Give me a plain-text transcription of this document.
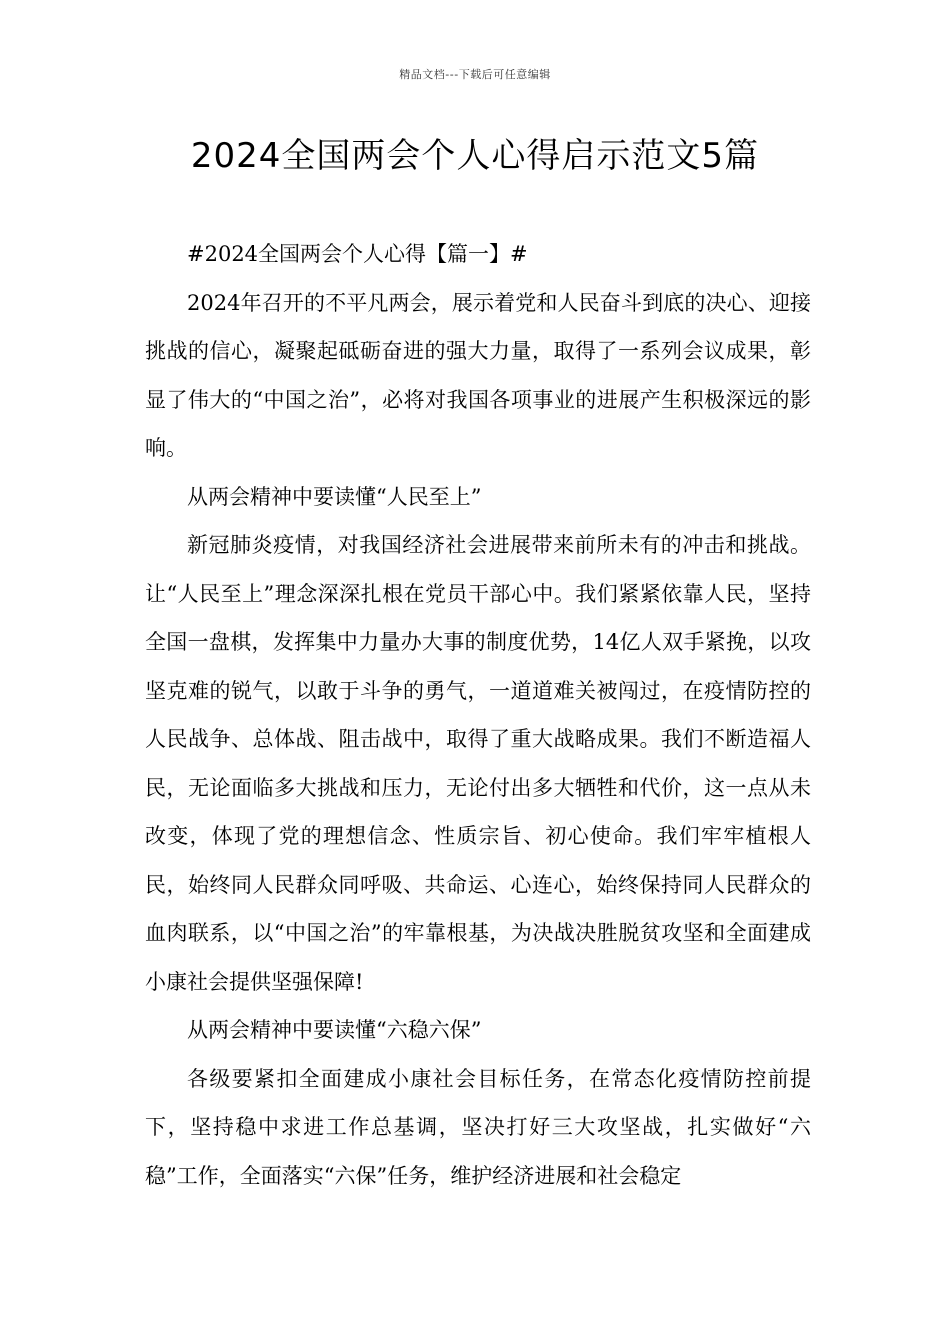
精品文档---下载后可任意编辑
2024全国两会个人心得启示范文5篇

#2024全国两会个人心得【篇一】#

2024年召开的不平凡两会，展示着党和人民奋斗到底的决心、迎接挑战的信心，凝聚起砥砺奋进的强大力量，取得了一系列会议成果，彰显了伟大的“中国之治”，必将对我国各项事业的进展产生积极深远的影响。

从两会精神中要读懂“人民至上”

新冠肺炎疫情，对我国经济社会进展带来前所未有的冲击和挑战。让“人民至上”理念深深扎根在党员干部心中。我们紧紧依靠人民，坚持全国一盘棋，发挥集中力量办大事的制度优势，14亿人双手紧挽，以攻坚克难的锐气，以敢于斗争的勇气，一道道难关被闯过，在疫情防控的人民战争、总体战、阻击战中，取得了重大战略成果。我们不断造福人民，无论面临多大挑战和压力，无论付出多大牺牲和代价，这一点从未改变，体现了党的理想信念、性质宗旨、初心使命。我们牢牢植根人民，始终同人民群众同呼吸、共命运、心连心，始终保持同人民群众的血肉联系，以“中国之治”的牢靠根基，为决战决胜脱贫攻坚和全面建成小康社会提供坚强保障!

从两会精神中要读懂“六稳六保”

各级要紧扣全面建成小康社会目标任务，在常态化疫情防控前提下，坚持稳中求进工作总基调，坚决打好三大攻坚战，扎实做好“六稳”工作，全面落实“六保”任务，维护经济进展和社会稳定
